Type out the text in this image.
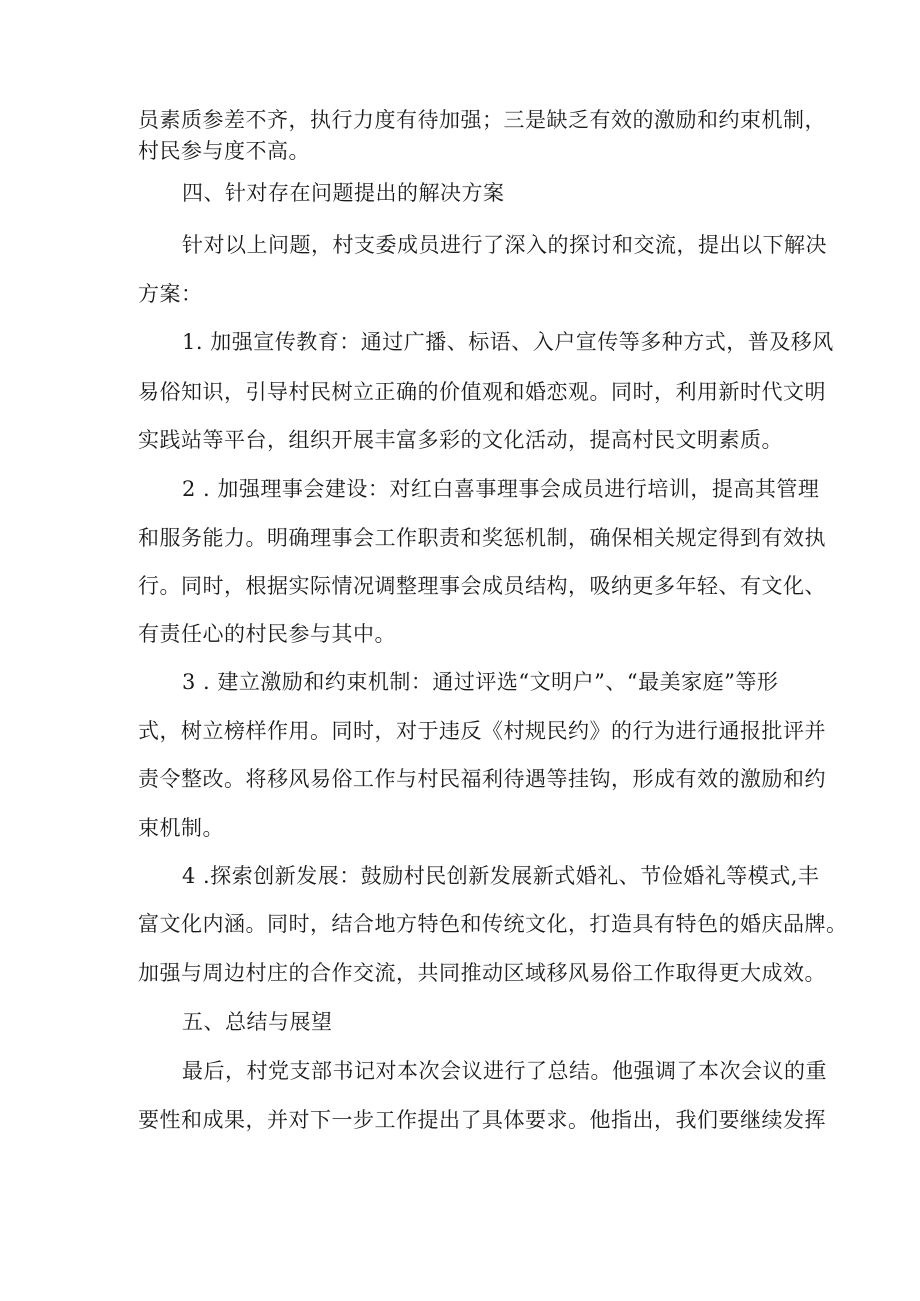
员素质参差不齐，执行力度有待加强；三是缺乏有效的激励和约束机制，
村民参与度不高。
四、针对存在问题提出的解决方案
针对以上问题，村支委成员进行了深入的探讨和交流，提出以下解决
方案：
1. 加强宣传教育：通过广播、标语、入户宣传等多种方式，普及移风
易俗知识，引导村民树立正确的价值观和婚恋观。同时，利用新时代文明
实践站等平台，组织开展丰富多彩的文化活动，提高村民文明素质。
2 . 加强理事会建设：对红白喜事理事会成员进行培训，提高其管理
和服务能力。明确理事会工作职责和奖惩机制，确保相关规定得到有效执
行。同时，根据实际情况调整理事会成员结构，吸纳更多年轻、有文化、
有责任心的村民参与其中。
3 . 建立激励和约束机制：通过评选“文明户”、“最美家庭”等形
式，树立榜样作用。同时，对于违反《村规民约》的行为进行通报批评并
责令整改。将移风易俗工作与村民福利待遇等挂钩，形成有效的激励和约
束机制。
4 .探索创新发展：鼓励村民创新发展新式婚礼、节俭婚礼等模式,丰
富文化内涵。同时，结合地方特色和传统文化，打造具有特色的婚庆品牌。
加强与周边村庄的合作交流，共同推动区域移风易俗工作取得更大成效。
五、总结与展望
最后，村党支部书记对本次会议进行了总结。他强调了本次会议的重
要性和成果，并对下一步工作提出了具体要求。他指出，我们要继续发挥
